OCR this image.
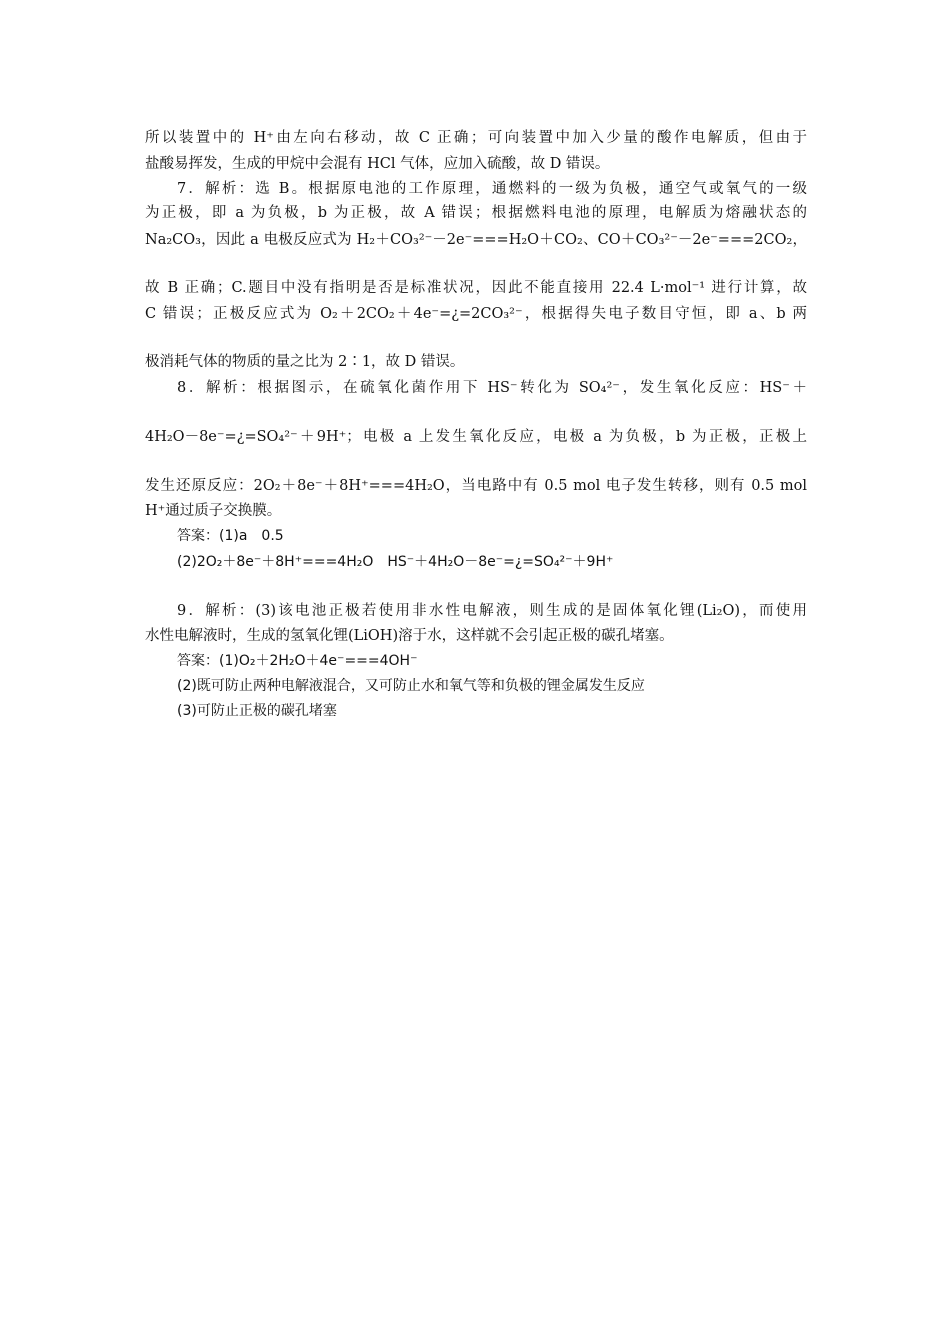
所以装置中的 H⁺由左向右移动，故 C 正确；可向装置中加入少量的酸作电解质，但由于
盐酸易挥发，生成的甲烷中会混有 HCl 气体，应加入硫酸，故 D 错误。
7．解析：选 B。根据原电池的工作原理，通燃料的一级为负极，通空气或氧气的一级
为正极，即 a 为负极，b 为正极，故 A 错误；根据燃料电池的原理，电解质为熔融状态的
Na₂CO₃，因此 a 电极反应式为 H₂＋CO₃²⁻－2e⁻===H₂O＋CO₂、CO＋CO₃²⁻－2e⁻===2CO₂，
故 B 正确；C.题目中没有指明是否是标准状况，因此不能直接用 22.4 L·mol⁻¹ 进行计算，故
C 错误；正极反应式为 O₂＋2CO₂＋4e⁻=¿=2CO₃²⁻，根据得失电子数目守恒，即 a、b 两
极消耗气体的物质的量之比为 2∶1，故 D 错误。
8．解析：根据图示，在硫氧化菌作用下 HS⁻转化为 SO₄²⁻，发生氧化反应：HS⁻＋
4H₂O－8e⁻=¿=SO₄²⁻＋9H⁺；电极 a 上发生氧化反应，电极 a 为负极，b 为正极，正极上
发生还原反应：2O₂＋8e⁻＋8H⁺===4H₂O，当电路中有 0.5 mol 电子发生转移，则有 0.5 mol
H⁺通过质子交换膜。
答案：(1)a　0.5
(2)2O₂＋8e⁻＋8H⁺===4H₂O　HS⁻＋4H₂O－8e⁻=¿=SO₄²⁻＋9H⁺
9．解析：(3)该电池正极若使用非水性电解液，则生成的是固体氧化锂(Li₂O)，而使用
水性电解液时，生成的氢氧化锂(LiOH)溶于水，这样就不会引起正极的碳孔堵塞。
答案：(1)O₂＋2H₂O＋4e⁻===4OH⁻
(2)既可防止两种电解液混合，又可防止水和氧气等和负极的锂金属发生反应
(3)可防止正极的碳孔堵塞
